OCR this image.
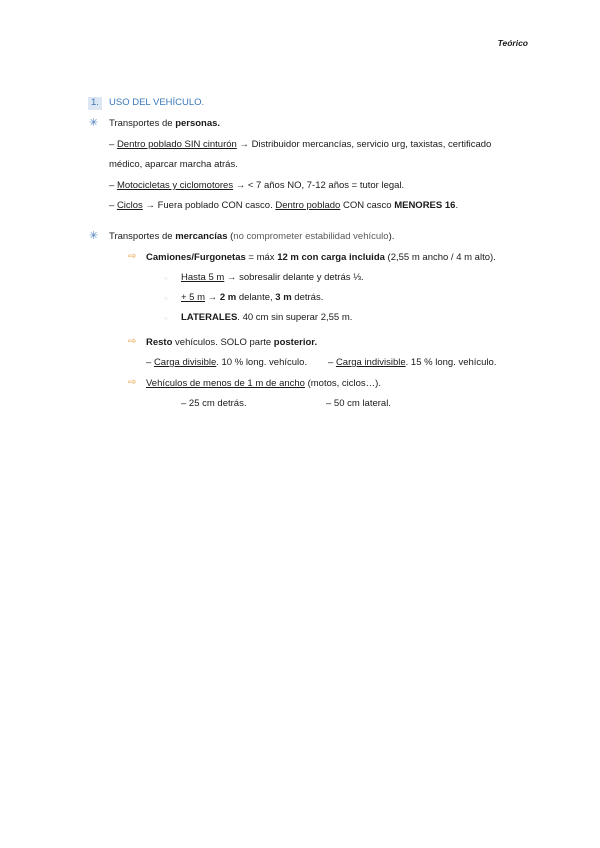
Teórico
1. USO DEL VEHÍCULO.
✳ Transportes de personas.
– Dentro poblado SIN cinturón → Distribuidor mercancías, servicio urg, taxistas, certificado
médico, aparcar marcha atrás.
– Motocicletas y ciclomotores → < 7 años NO, 7-12 años = tutor legal.
– Ciclos → Fuera poblado CON casco. Dentro poblado CON casco MENORES 16.
✳ Transportes de mercancías (no comprometer estabilidad vehículo).
⇨ Camiones/Furgonetas = máx 12 m con carga incluida (2,55 m ancho / 4 m alto).
○ Hasta 5 m → sobresalir delante y detrás ⅓.
○ + 5 m → 2 m delante, 3 m detrás.
○ LATERALES. 40 cm sin superar 2,55 m.
⇨ Resto vehículos. SOLO parte posterior.
– Carga divisible. 10 % long. vehículo. – Carga indivisible. 15 % long. vehículo.
⇨ Vehículos de menos de 1 m de ancho (motos, ciclos…).
– 25 cm detrás.	– 50 cm lateral.
